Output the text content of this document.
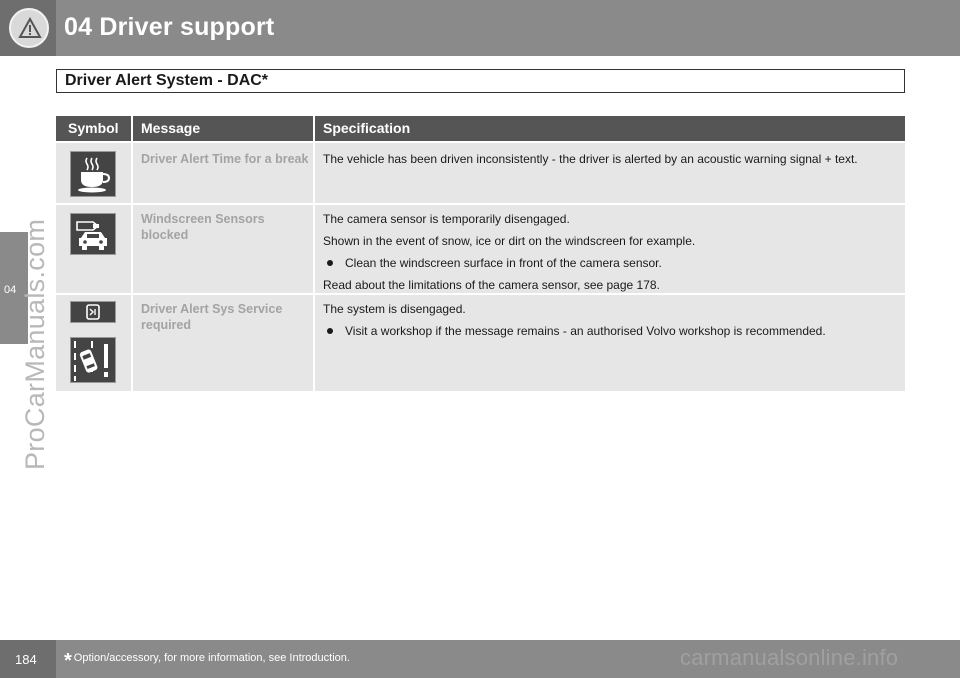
04 Driver support
04 ProCarManuals.com
Driver Alert System - DAC*
Symbol Message	Specification
Driver Alert Time for a break The vehicle has been driven inconsistently - the driver is alerted by an acoustic warning signal + text.

Windscreen Sensors blocked

The camera sensor is temporarily disengaged.

Shown in the event of snow, ice or dirt on the windscreen for example.

Clean the windscreen surface in front of the camera sensor.

Read about the limitations of the camera sensor, see page 178.

Driver Alert Sys Service required

The system is disengaged.

Visit a workshop if the message remains - an authorised Volvo workshop is recommended.

184 * Option/accessory, for more information, see Introduction.	carmanualsonline.info
